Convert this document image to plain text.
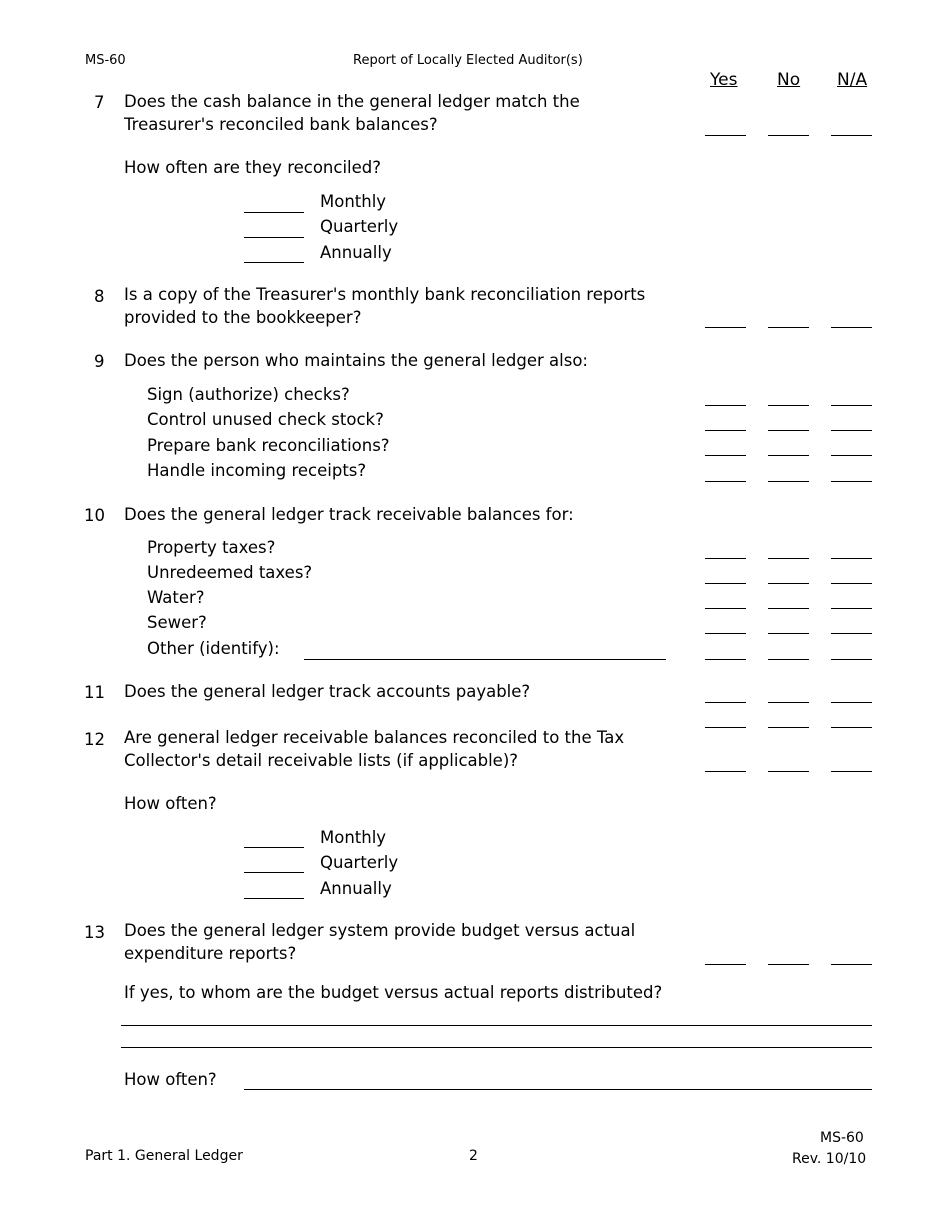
MS-60	Report of Locally Elected Auditor(s)
Yes No N/A
7 Does the cash balance in the general ledger match the
Treasurer's reconciled bank balances?
How often are they reconciled?
Monthly
Quarterly
Annually
8 Is a copy of the Treasurer's monthly bank reconciliation reports
provided to the bookkeeper?
9 Does the person who maintains the general ledger also:
Sign (authorize) checks?
Control unused check stock?
Prepare bank reconciliations?
Handle incoming receipts?
10 Does the general ledger track receivable balances for:
Property taxes?
Unredeemed taxes?
Water?
Sewer?
Other (identify):
11 Does the general ledger track accounts payable?
12 Are general ledger receivable balances reconciled to the Tax
Collector's detail receivable lists (if applicable)?
How often?
Monthly
Quarterly
Annually
13 Does the general ledger system provide budget versus actual
expenditure reports?
If yes, to whom are the budget versus actual reports distributed?
How often?
Part 1. General Ledger	2
MS-60
Rev. 10/10
